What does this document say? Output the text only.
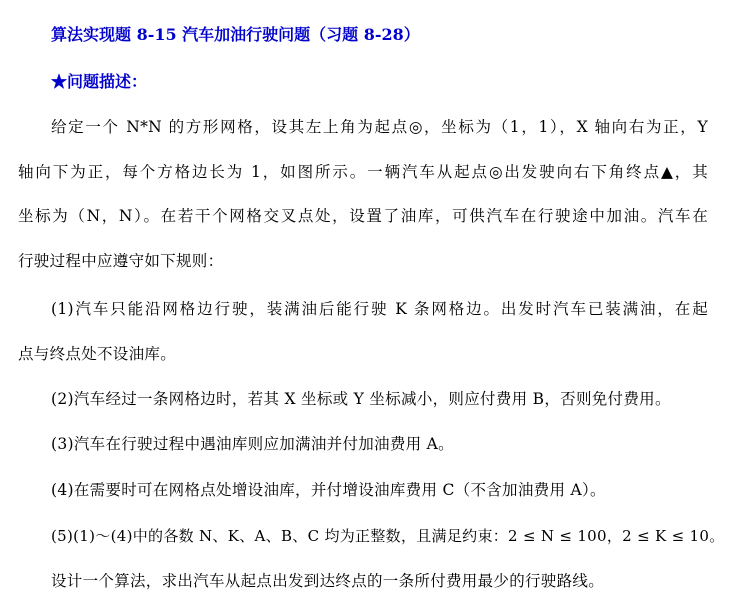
算法实现题 8-15 汽车加油行驶问题（习题 8-28）
★问题描述：
给定一个 N*N 的方形网格，设其左上角为起点◎，坐标为（1，1），X 轴向右为正，Y
轴向下为正，每个方格边长为 1，如图所示。一辆汽车从起点◎出发驶向右下角终点▲，其
坐标为（N，N）。在若干个网格交叉点处，设置了油库，可供汽车在行驶途中加油。汽车在
行驶过程中应遵守如下规则：
(1)汽车只能沿网格边行驶，装满油后能行驶 K 条网格边。出发时汽车已装满油，在起
点与终点处不设油库。
(2)汽车经过一条网格边时，若其 X 坐标或 Y 坐标减小，则应付费用 B，否则免付费用。
(3)汽车在行驶过程中遇油库则应加满油并付加油费用 A。
(4)在需要时可在网格点处增设油库，并付增设油库费用 C（不含加油费用 A）。
(5)(1)～(4)中的各数 N、K、A、B、C 均为正整数，且满足约束：2 ≤ N ≤ 100，2 ≤ K ≤ 10。
设计一个算法，求出汽车从起点出发到达终点的一条所付费用最少的行驶路线。
